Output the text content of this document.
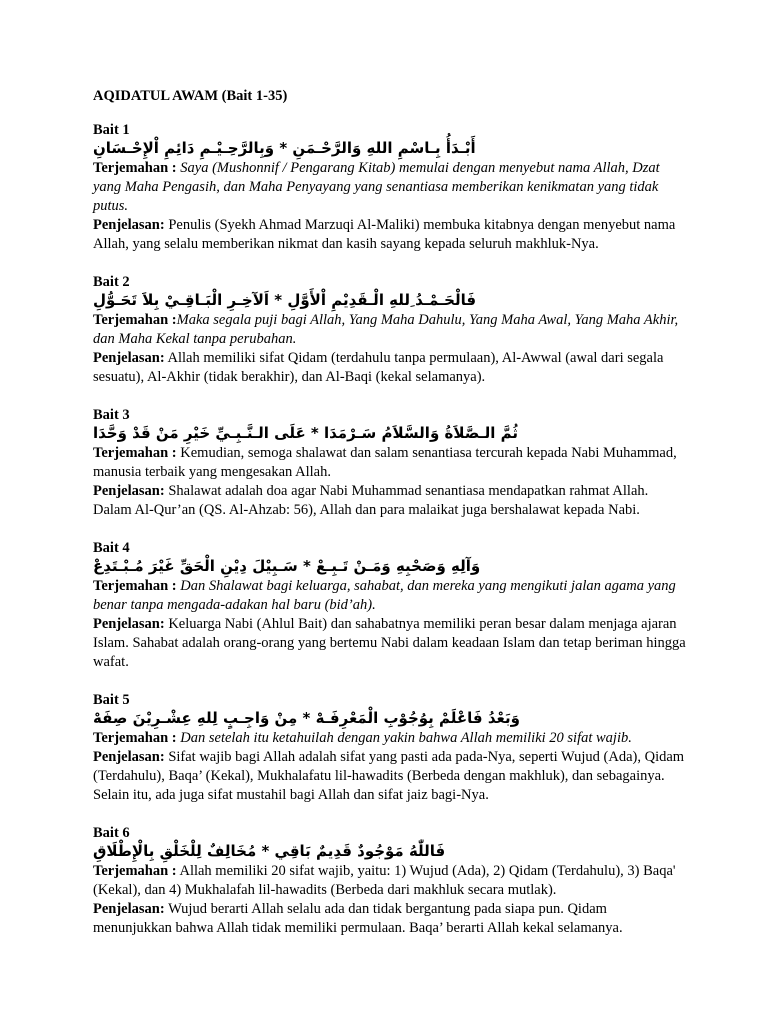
AQIDATUL AWAM (Bait 1-35)
Bait 1
أَبْـدَأُ بِـاسْمِ اللهِ وَالرَّحْـمَنِ * وَبِالرَّحِـيْـمِ دَائِمِ اْلإِحْـسَانِ

Terjemahan : Saya (Mushonnif / Pengarang Kitab) memulai dengan menyebut nama Allah, Dzat yang Maha Pengasih, dan Maha Penyayang yang senantiasa memberikan kenikmatan yang tidak putus.

Penjelasan: Penulis (Syekh Ahmad Marzuqi Al-Maliki) membuka kitabnya dengan menyebut nama Allah, yang selalu memberikan nikmat dan kasih sayang kepada seluruh makhluk-Nya.

Bait 2
فَالْحَـمْـدُ ِللهِ الْـقَدِيْمِ اْلأَوَّلِ * اَلآخِـرِ الْبَـاقِـيْ بِلاَ تَحَـوُّلِ

Terjemahan :Maka segala puji bagi Allah, Yang Maha Dahulu, Yang Maha Awal, Yang Maha Akhir, dan Maha Kekal tanpa perubahan.

Penjelasan: Allah memiliki sifat Qidam (terdahulu tanpa permulaan), Al-Awwal (awal dari segala sesuatu), Al-Akhir (tidak berakhir), dan Al-Baqi (kekal selamanya).

Bait 3
ثُمَّ الـصَّلاَةُ وَالسَّلاَمُ سَـرْمَدَا * عَلَى الـنَّـبِـيِّ خَيْرِ مَنْ قَدْ وَحَّدَا

Terjemahan : Kemudian, semoga shalawat dan salam senantiasa tercurah kepada Nabi Muhammad, manusia terbaik yang mengesakan Allah.

Penjelasan: Shalawat adalah doa agar Nabi Muhammad senantiasa mendapatkan rahmat Allah. Dalam Al-Qur’an (QS. Al-Ahzab: 56), Allah dan para malaikat juga bershalawat kepada Nabi.

Bait 4
وَآلِهِ وَصَحْبِهِ وَمَـنْ تَـبِـعْ * سَـبِيْلَ دِيْنِ الْحَقِّ غَيْرَ مُـبْـتَدِعْ

Terjemahan : Dan Shalawat bagi keluarga, sahabat, dan mereka yang mengikuti jalan agama yang benar tanpa mengada-adakan hal baru (bid’ah).

Penjelasan: Keluarga Nabi (Ahlul Bait) dan sahabatnya memiliki peran besar dalam menjaga ajaran Islam. Sahabat adalah orang-orang yang bertemu Nabi dalam keadaan Islam dan tetap beriman hingga wafat.

Bait 5
وَبَعْدُ فَاعْلَمْ بِوُجُوْبِ الْمَعْرِفَـهْ * مِنْ وَاجِـبٍ لِلهِ عِشْـرِيْنَ صِفَهْ

Terjemahan : Dan setelah itu ketahuilah dengan yakin bahwa Allah memiliki 20 sifat wajib.

Penjelasan: Sifat wajib bagi Allah adalah sifat yang pasti ada pada-Nya, seperti Wujud (Ada), Qidam (Terdahulu), Baqa’ (Kekal), Mukhalafatu lil-hawadits (Berbeda dengan makhluk), dan sebagainya. Selain itu, ada juga sifat mustahil bagi Allah dan sifat jaiz bagi-Nya.

Bait 6
فَاللّٰهُ مَوْجُودٌ قَدِيمٌ بَاقِي * مُخَالِفٌ لِلْخَلْقِ بِالْإِطْلَاقِ

Terjemahan : Allah memiliki 20 sifat wajib, yaitu: 1) Wujud (Ada), 2) Qidam (Terdahulu), 3) Baqa' (Kekal), dan 4) Mukhalafah lil-hawadits (Berbeda dari makhluk secara mutlak).

Penjelasan: Wujud berarti Allah selalu ada dan tidak bergantung pada siapa pun. Qidam menunjukkan bahwa Allah tidak memiliki permulaan. Baqa’ berarti Allah kekal selamanya.
